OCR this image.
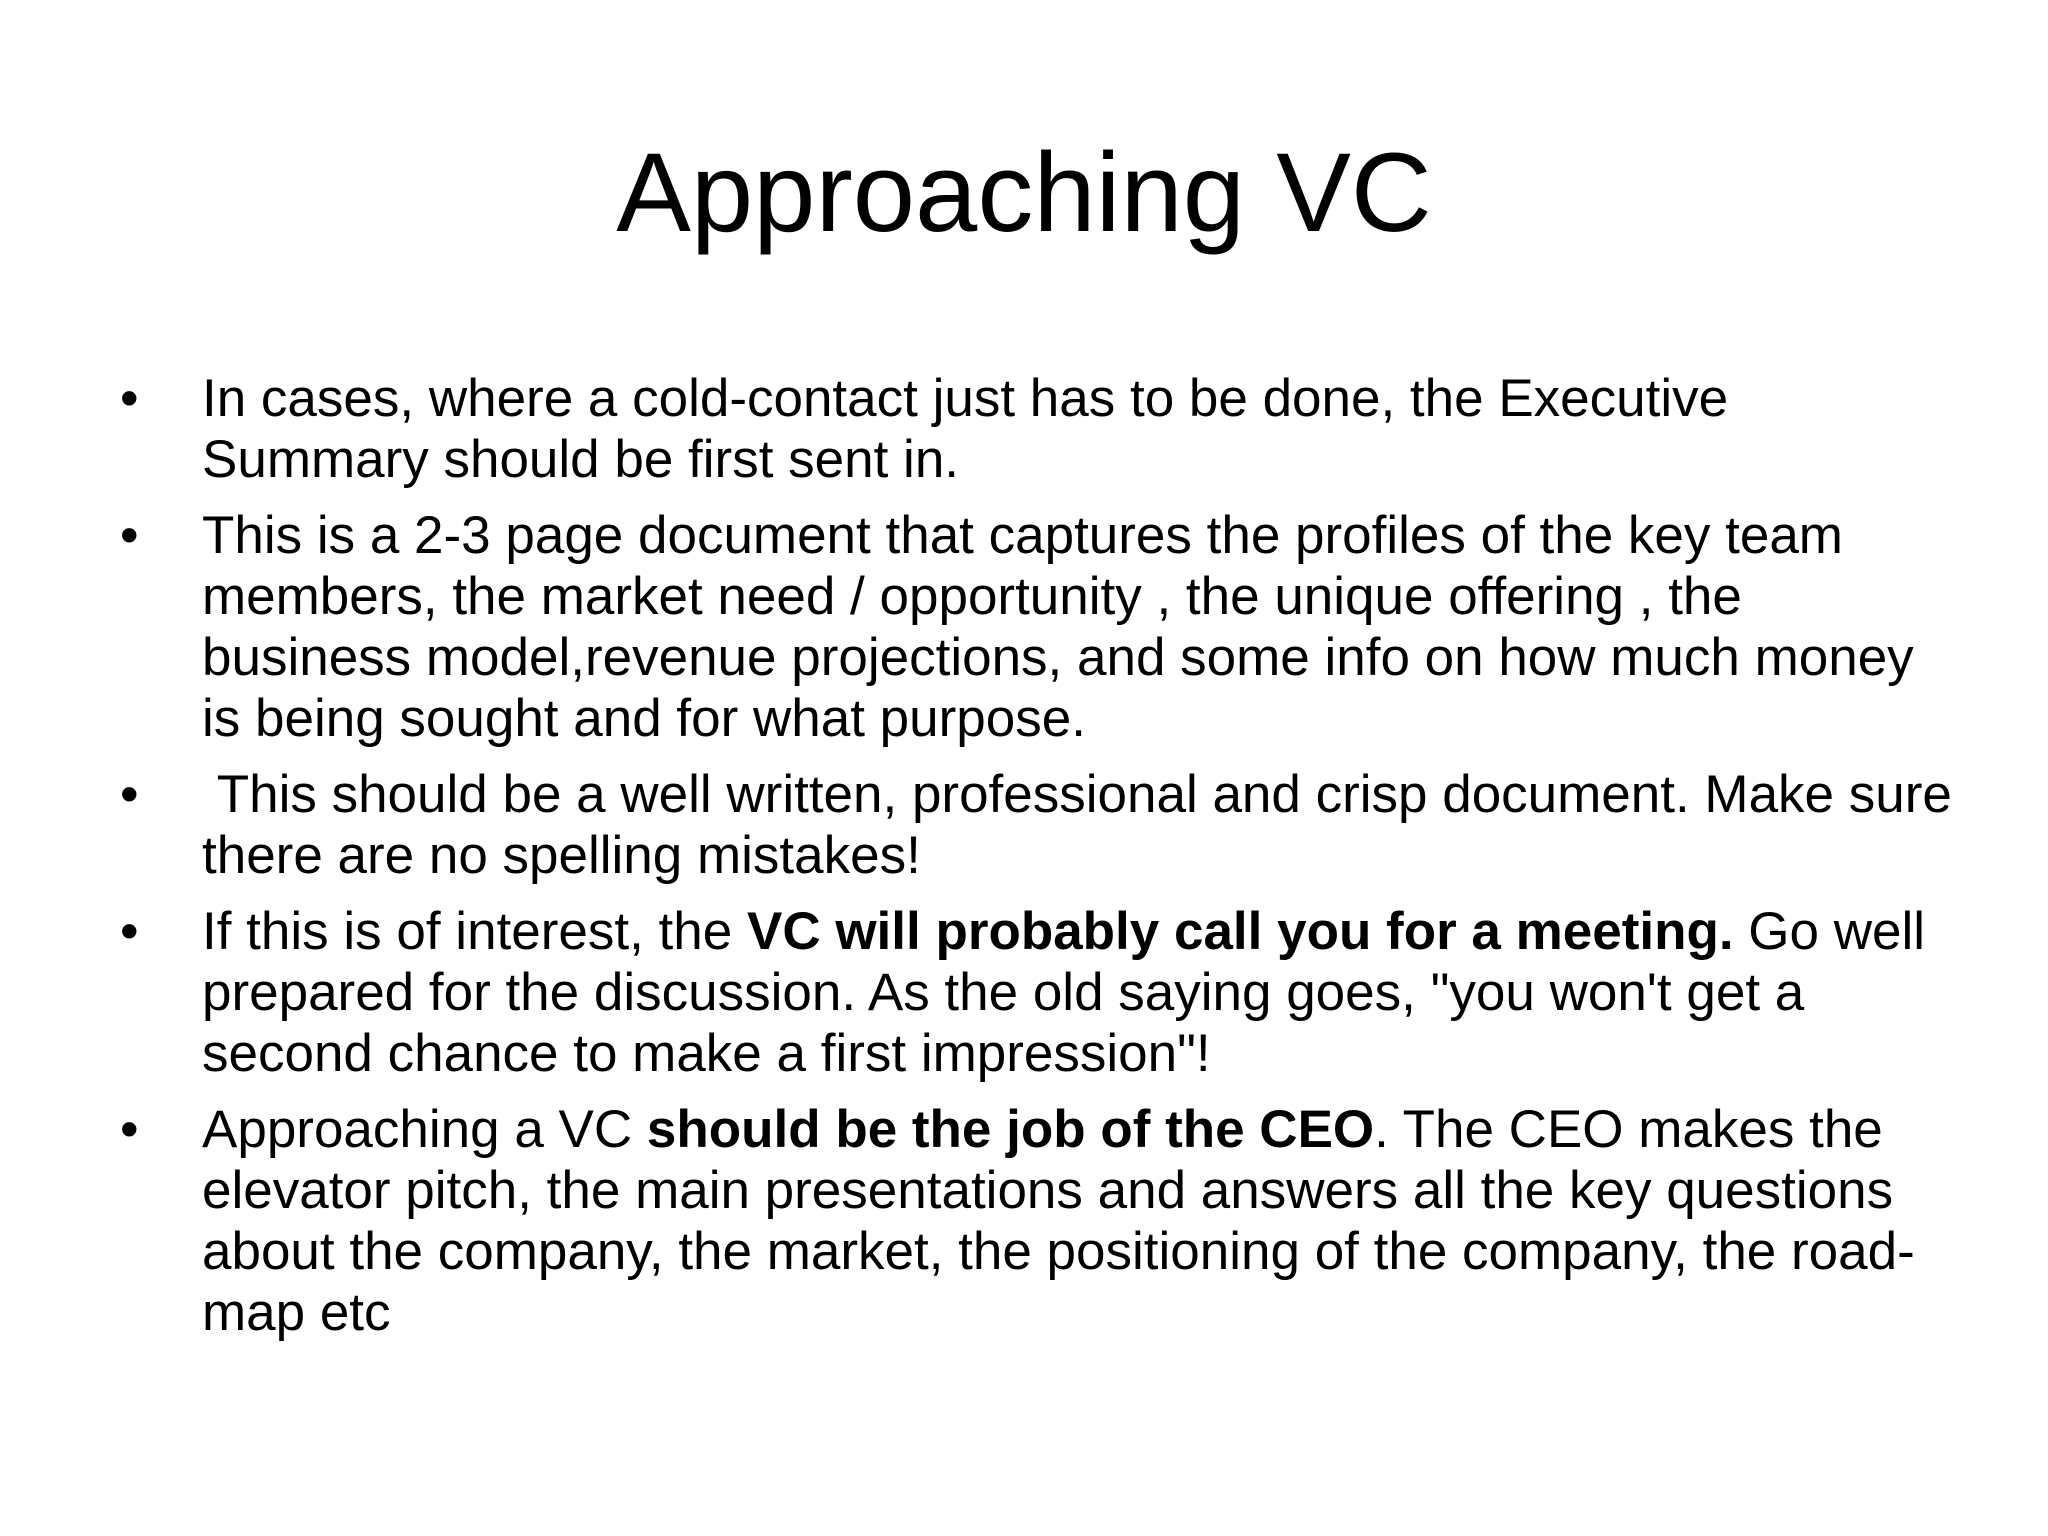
Approaching VC
•	In cases, where a cold-contact just has to be done, the Executive Summary should be first sent in.
•	This is a 2-3 page document that captures the profiles of the key team members, the market need / opportunity , the unique offering , the business model,revenue projections, and some info on how much money is being sought and for what purpose.
•	This should be a well written, professional and crisp document. Make sure there are no spelling mistakes!
•	If this is of interest, the VC will probably call you for a meeting. Go well prepared for the discussion. As the old saying goes, "you won't get a second chance to make a first impression"!
•	Approaching a VC should be the job of the CEO. The CEO makes the elevator pitch, the main presentations and answers all the key questions about the company, the market, the positioning of the company, the road-map etc
